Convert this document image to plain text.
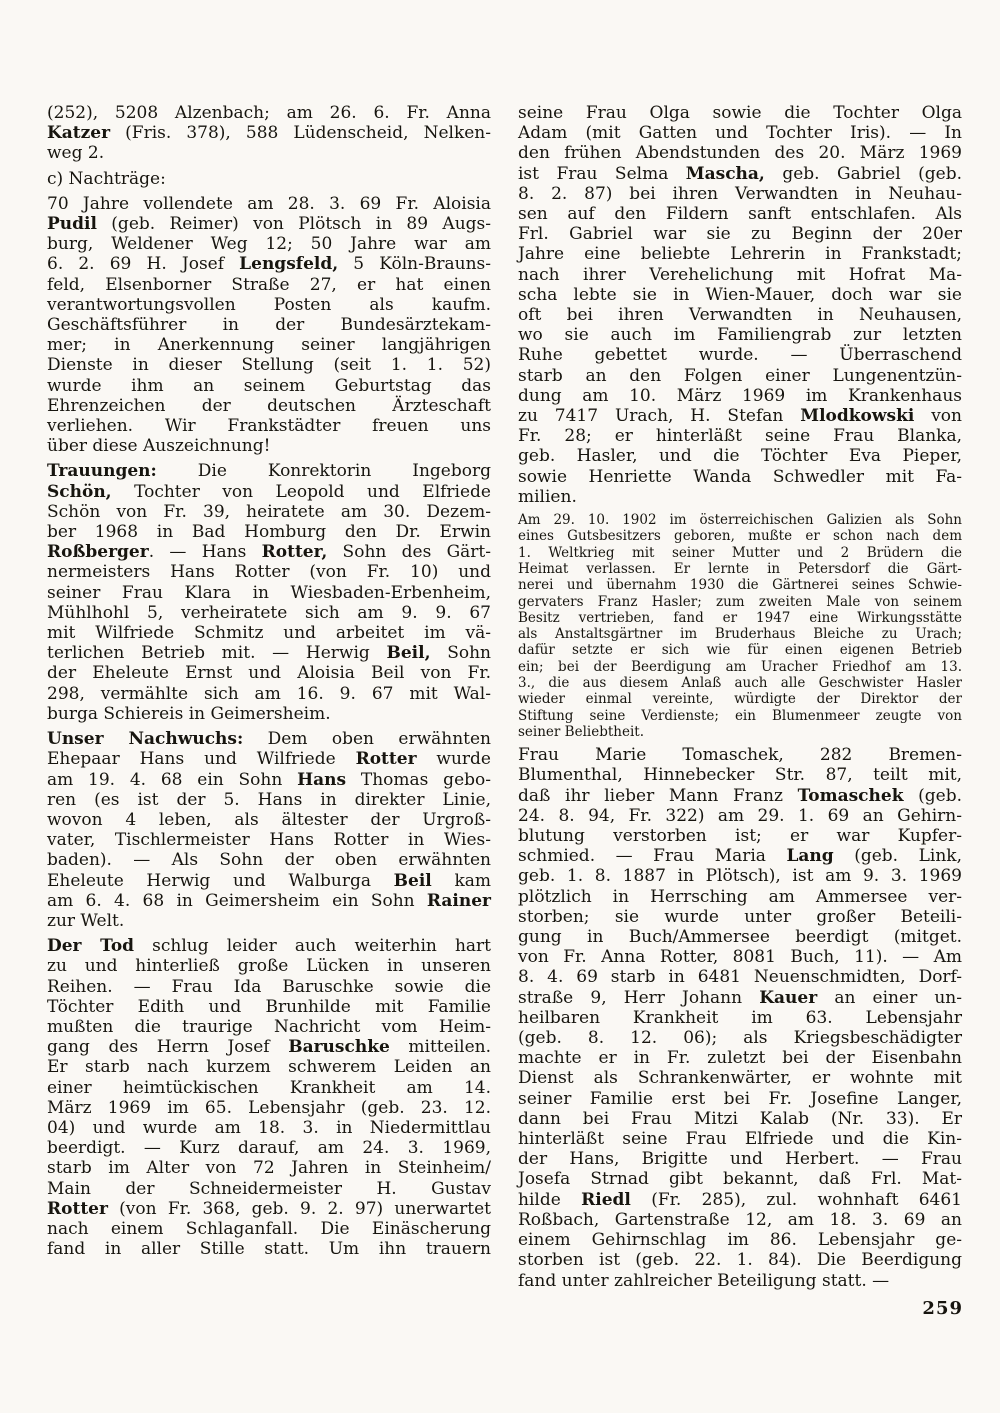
(252), 5208 Alzenbach; am 26. 6. Fr. Anna
Katzer (Fris. 378), 588 Lüdenscheid, Nelken-
weg 2.
c) Nachträge:
70 Jahre vollendete am 28. 3. 69 Fr. Aloisia
Pudil (geb. Reimer) von Plötsch in 89 Augs-
burg, Weldener Weg 12; 50 Jahre war am
6. 2. 69 H. Josef Lengsfeld, 5 Köln-Brauns-
feld, Elsenborner Straße 27, er hat einen
verantwortungsvollen Posten als kaufm.
Geschäftsführer in der Bundesärztekam-
mer; in Anerkennung seiner langjährigen
Dienste in dieser Stellung (seit 1. 1. 52)
wurde ihm an seinem Geburtstag das
Ehrenzeichen der deutschen Ärzteschaft
verliehen. Wir Frankstädter freuen uns
über diese Auszeichnung!
Trauungen: Die Konrektorin Ingeborg
Schön, Tochter von Leopold und Elfriede
Schön von Fr. 39, heiratete am 30. Dezem-
ber 1968 in Bad Homburg den Dr. Erwin
Roßberger. — Hans Rotter, Sohn des Gärt-
nermeisters Hans Rotter (von Fr. 10) und
seiner Frau Klara in Wiesbaden-Erbenheim,
Mühlhohl 5, verheiratete sich am 9. 9. 67
mit Wilfriede Schmitz und arbeitet im vä-
terlichen Betrieb mit. — Herwig Beil, Sohn
der Eheleute Ernst und Aloisia Beil von Fr.
298, vermählte sich am 16. 9. 67 mit Wal-
burga Schiereis in Geimersheim.
Unser Nachwuchs: Dem oben erwähnten
Ehepaar Hans und Wilfriede Rotter wurde
am 19. 4. 68 ein Sohn Hans Thomas gebo-
ren (es ist der 5. Hans in direkter Linie,
wovon 4 leben, als ältester der Urgroß-
vater, Tischlermeister Hans Rotter in Wies-
baden). — Als Sohn der oben erwähnten
Eheleute Herwig und Walburga Beil kam
am 6. 4. 68 in Geimersheim ein Sohn Rainer
zur Welt.
Der Tod schlug leider auch weiterhin hart
zu und hinterließ große Lücken in unseren
Reihen. — Frau Ida Baruschke sowie die
Töchter Edith und Brunhilde mit Familie
mußten die traurige Nachricht vom Heim-
gang des Herrn Josef Baruschke mitteilen.
Er starb nach kurzem schwerem Leiden an
einer heimtückischen Krankheit am 14.
März 1969 im 65. Lebensjahr (geb. 23. 12.
04) und wurde am 18. 3. in Niedermittlau
beerdigt. — Kurz darauf, am 24. 3. 1969,
starb im Alter von 72 Jahren in Steinheim/
Main der Schneidermeister H. Gustav
Rotter (von Fr. 368, geb. 9. 2. 97) unerwartet
nach einem Schlaganfall. Die Einäscherung
fand in aller Stille statt. Um ihn trauern
seine Frau Olga sowie die Tochter Olga
Adam (mit Gatten und Tochter Iris). — In
den frühen Abendstunden des 20. März 1969
ist Frau Selma Mascha, geb. Gabriel (geb.
8. 2. 87) bei ihren Verwandten in Neuhau-
sen auf den Fildern sanft entschlafen. Als
Frl. Gabriel war sie zu Beginn der 20er
Jahre eine beliebte Lehrerin in Frankstadt;
nach ihrer Verehelichung mit Hofrat Ma-
scha lebte sie in Wien-Mauer, doch war sie
oft bei ihren Verwandten in Neuhausen,
wo sie auch im Familiengrab zur letzten
Ruhe gebettet wurde. — Überraschend
starb an den Folgen einer Lungenentzün-
dung am 10. März 1969 im Krankenhaus
zu 7417 Urach, H. Stefan Mlodkowski von
Fr. 28; er hinterläßt seine Frau Blanka,
geb. Hasler, und die Töchter Eva Pieper,
sowie Henriette Wanda Schwedler mit Fa-
milien.
Am 29. 10. 1902 im österreichischen Galizien als Sohn
eines Gutsbesitzers geboren, mußte er schon nach dem
1. Weltkrieg mit seiner Mutter und 2 Brüdern die
Heimat verlassen. Er lernte in Petersdorf die Gärt-
nerei und übernahm 1930 die Gärtnerei seines Schwie-
gervaters Franz Hasler; zum zweiten Male von seinem
Besitz vertrieben, fand er 1947 eine Wirkungsstätte
als Anstaltsgärtner im Bruderhaus Bleiche zu Urach;
dafür setzte er sich wie für einen eigenen Betrieb
ein; bei der Beerdigung am Uracher Friedhof am 13.
3., die aus diesem Anlaß auch alle Geschwister Hasler
wieder einmal vereinte, würdigte der Direktor der
Stiftung seine Verdienste; ein Blumenmeer zeugte von
seiner Beliebtheit.
Frau Marie Tomaschek, 282 Bremen-
Blumenthal, Hinnebecker Str. 87, teilt mit,
daß ihr lieber Mann Franz Tomaschek (geb.
24. 8. 94, Fr. 322) am 29. 1. 69 an Gehirn-
blutung verstorben ist; er war Kupfer-
schmied. — Frau Maria Lang (geb. Link,
geb. 1. 8. 1887 in Plötsch), ist am 9. 3. 1969
plötzlich in Herrsching am Ammersee ver-
storben; sie wurde unter großer Beteili-
gung in Buch/Ammersee beerdigt (mitget.
von Fr. Anna Rotter, 8081 Buch, 11). — Am
8. 4. 69 starb in 6481 Neuenschmidten, Dorf-
straße 9, Herr Johann Kauer an einer un-
heilbaren Krankheit im 63. Lebensjahr
(geb. 8. 12. 06); als Kriegsbeschädigter
machte er in Fr. zuletzt bei der Eisenbahn
Dienst als Schrankenwärter, er wohnte mit
seiner Familie erst bei Fr. Josefine Langer,
dann bei Frau Mitzi Kalab (Nr. 33). Er
hinterläßt seine Frau Elfriede und die Kin-
der Hans, Brigitte und Herbert. — Frau
Josefa Strnad gibt bekannt, daß Frl. Mat-
hilde Riedl (Fr. 285), zul. wohnhaft 6461
Roßbach, Gartenstraße 12, am 18. 3. 69 an
einem Gehirnschlag im 86. Lebensjahr ge-
storben ist (geb. 22. 1. 84). Die Beerdigung
fand unter zahlreicher Beteiligung statt. —
259
